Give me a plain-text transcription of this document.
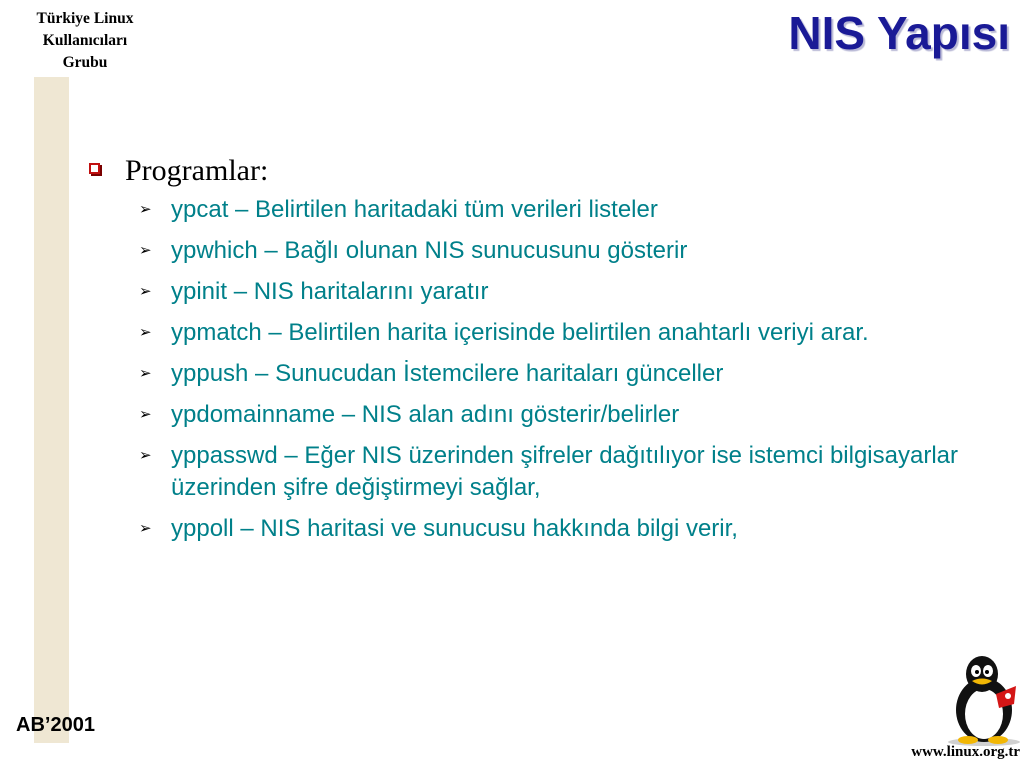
Türkiye Linux
Kullanıcıları
Grubu
NIS Yapısı
Programlar:
➢ ypcat – Belirtilen haritadaki tüm verileri listeler
➢ ypwhich – Bağlı olunan NIS sunucusunu gösterir
➢ ypinit – NIS haritalarını yaratır
➢ ypmatch – Belirtilen harita içerisinde belirtilen anahtarlı veriyi arar.
➢ yppush – Sunucudan İstemcilere haritaları günceller
➢ ypdomainname – NIS alan adını gösterir/belirler
➢ yppasswd – Eğer NIS üzerinden şifreler dağıtılıyor ise istemci bilgisayarlar üzerinden şifre değiştirmeyi sağlar,
➢ yppoll – NIS haritasi ve sunucusu hakkında bilgi verir,
AB’2001
www.linux.org.tr
